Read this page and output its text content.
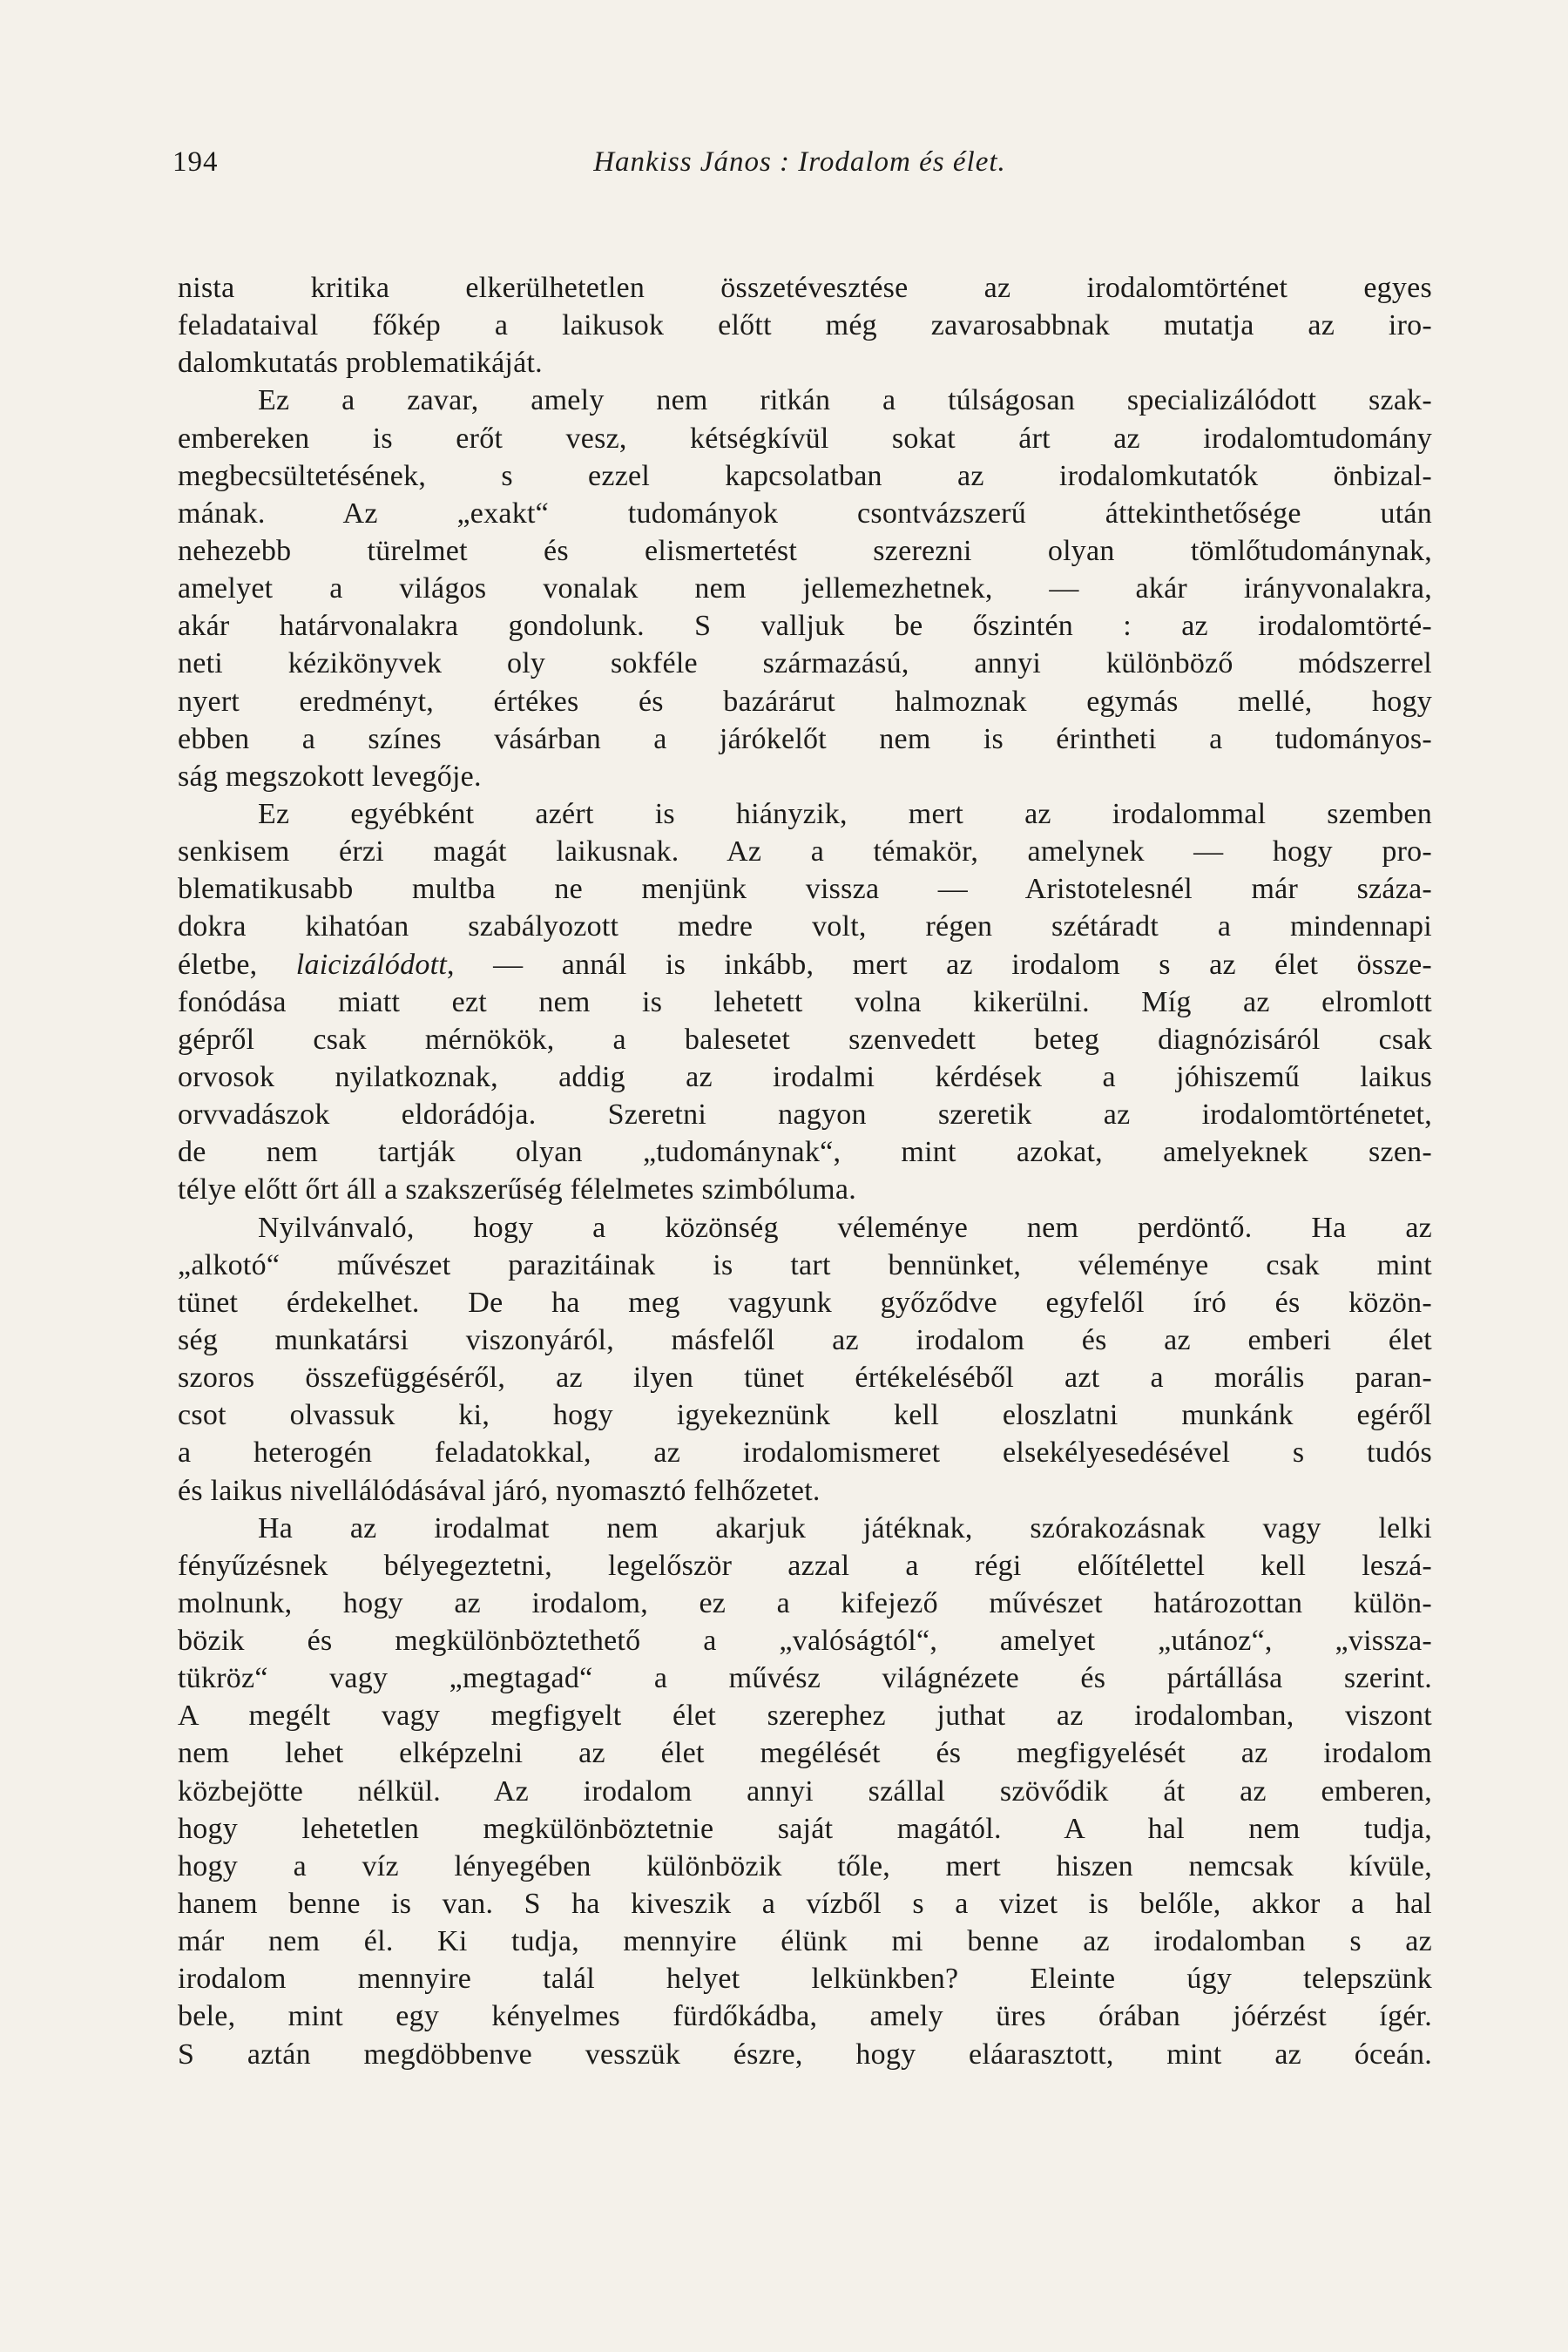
194	Hankiss János : Irodalom és élet.
nista kritika elkerülhetetlen összetévesztése az irodalomtörténet egyes
feladataival főkép a laikusok előtt még zavarosabbnak mutatja az iro-
dalomkutatás problematikáját.
Ez a zavar, amely nem ritkán a túlságosan specializálódott szak-
embereken is erőt vesz, kétségkívül sokat árt az irodalomtudomány
megbecsültetésének, s ezzel kapcsolatban az irodalomkutatók önbizal-
mának. Az „exakt“ tudományok csontvázszerű áttekinthetősége után
nehezebb türelmet és elismertetést szerezni olyan tömlőtudománynak,
amelyet a világos vonalak nem jellemezhetnek, — akár irányvonalakra,
akár határvonalakra gondolunk. S valljuk be őszintén : az irodalomtörté-
neti kézikönyvek oly sokféle származású, annyi különböző módszerrel
nyert eredményt, értékes és bazárárut halmoznak egymás mellé, hogy
ebben a színes vásárban a járókelőt nem is érintheti a tudományos-
ság megszokott levegője.
Ez egyébként azért is hiányzik, mert az irodalommal szemben
senkisem érzi magát laikusnak. Az a témakör, amelynek — hogy pro-
blematikusabb multba ne menjünk vissza — Aristotelesnél már száza-
dokra kihatóan szabályozott medre volt, régen szétáradt a mindennapi
életbe, laicizálódott, — annál is inkább, mert az irodalom s az élet össze-
fonódása miatt ezt nem is lehetett volna kikerülni. Míg az elromlott
gépről csak mérnökök, a balesetet szenvedett beteg diagnózisáról csak
orvosok nyilatkoznak, addig az irodalmi kérdések a jóhiszemű laikus
orvvadászok eldorádója. Szeretni nagyon szeretik az irodalomtörténetet,
de nem tartják olyan „tudománynak“, mint azokat, amelyeknek szen-
télye előtt őrt áll a szakszerűség félelmetes szimbóluma.
Nyilvánvaló, hogy a közönség véleménye nem perdöntő. Ha az
„alkotó“ művészet parazitáinak is tart bennünket, véleménye csak mint
tünet érdekelhet. De ha meg vagyunk győződve egyfelől író és közön-
ség munkatársi viszonyáról, másfelől az irodalom és az emberi élet
szoros összefüggéséről, az ilyen tünet értékeléséből azt a morális paran-
csot olvassuk ki, hogy igyekeznünk kell eloszlatni munkánk egéről
a heterogén feladatokkal, az irodalomismeret elsekélyesedésével s tudós
és laikus nivellálódásával járó, nyomasztó felhőzetet.
Ha az irodalmat nem akarjuk játéknak, szórakozásnak vagy lelki
fényűzésnek bélyegeztetni, legelőször azzal a régi előítélettel kell leszá-
molnunk, hogy az irodalom, ez a kifejező művészet határozottan külön-
bözik és megkülönböztethető a „valóságtól“, amelyet „utánoz“, „vissza-
tükröz“ vagy „megtagad“ a művész világnézete és pártállása szerint.
A megélt vagy megfigyelt élet szerephez juthat az irodalomban, viszont
nem lehet elképzelni az élet megélését és megfigyelését az irodalom
közbejötte nélkül. Az irodalom annyi szállal szövődik át az emberen,
hogy lehetetlen megkülönböztetnie saját magától. A hal nem tudja,
hogy a víz lényegében különbözik tőle, mert hiszen nemcsak kívüle,
hanem benne is van. S ha kiveszik a vízből s a vizet is belőle, akkor a hal
már nem él. Ki tudja, mennyire élünk mi benne az irodalomban s az
irodalom mennyire talál helyet lelkünkben? Eleinte úgy telepszünk
bele, mint egy kényelmes fürdőkádba, amely üres órában jóérzést ígér.
S aztán megdöbbenve vesszük észre, hogy eláarasztott, mint az óceán.
